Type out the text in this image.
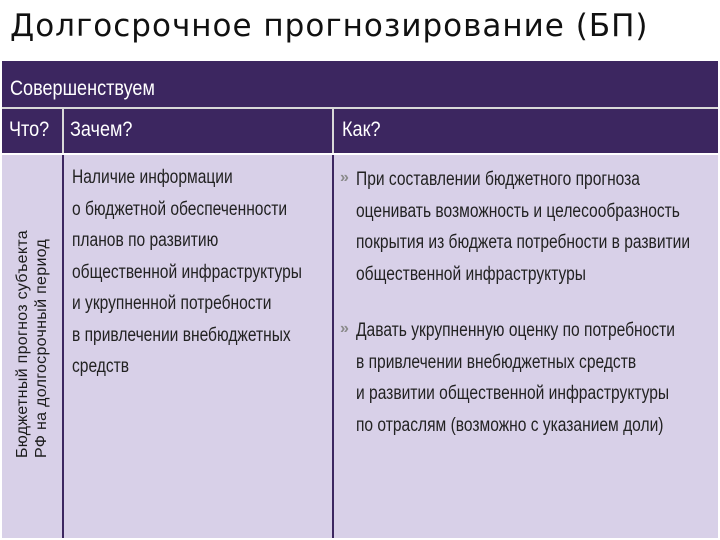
Долгосрочное прогнозирование (БП)
Совершенствуем
Что? Зачем?	Как?
Бюджетный прогноз субъекта РФ на долгосрочный период
Наличие информации
о бюджетной обеспеченности
планов по развитию
общественной инфраструктуры
и укрупненной потребности
в привлечении внебюджетных
средств
» При составлении бюджетного прогноза
оценивать возможность и целесообразность
покрытия из бюджета потребности в развитии
общественной инфраструктуры
» Давать укрупненную оценку по потребности
в привлечении внебюджетных средств
и развитии общественной инфраструктуры
по отраслям (возможно с указанием доли)
